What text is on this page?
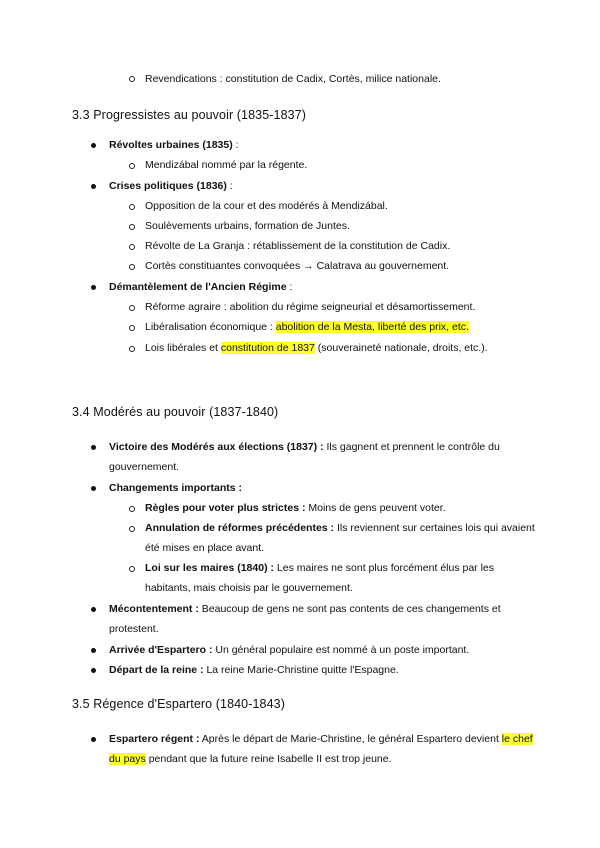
Revendications : constitution de Cadix, Cortès, milice nationale.
3.3 Progressistes au pouvoir (1835-1837)
Révoltes urbaines (1835) :
Mendizábal nommé par la régente.
Crises politiques (1836) :
Opposition de la cour et des modérés à Mendizábal.
Soulèvements urbains, formation de Juntes.
Révolte de La Granja : rétablissement de la constitution de Cadix.
Cortès constituantes convoquées → Calatrava au gouvernement.
Démantèlement de l'Ancien Régime :
Réforme agraire : abolition du régime seigneurial et désamortissement.
Libéralisation économique : abolition de la Mesta, liberté des prix, etc.
Lois libérales et constitution de 1837 (souveraineté nationale, droits, etc.).
3.4 Modérés au pouvoir (1837-1840)
Victoire des Modérés aux élections (1837) : Ils gagnent et prennent le contrôle du
gouvernement.
Changements importants :
Règles pour voter plus strictes : Moins de gens peuvent voter.
Annulation de réformes précédentes : Ils reviennent sur certaines lois qui avaient
été mises en place avant.
Loi sur les maires (1840) : Les maires ne sont plus forcément élus par les
habitants, mais choisis par le gouvernement.
Mécontentement : Beaucoup de gens ne sont pas contents de ces changements et
protestent.
Arrivée d'Espartero : Un général populaire est nommé à un poste important.
Départ de la reine : La reine Marie-Christine quitte l'Espagne.
3.5 Régence d'Espartero (1840-1843)
Espartero régent : Après le départ de Marie-Christine, le général Espartero devient le chef
du pays pendant que la future reine Isabelle II est trop jeune.
